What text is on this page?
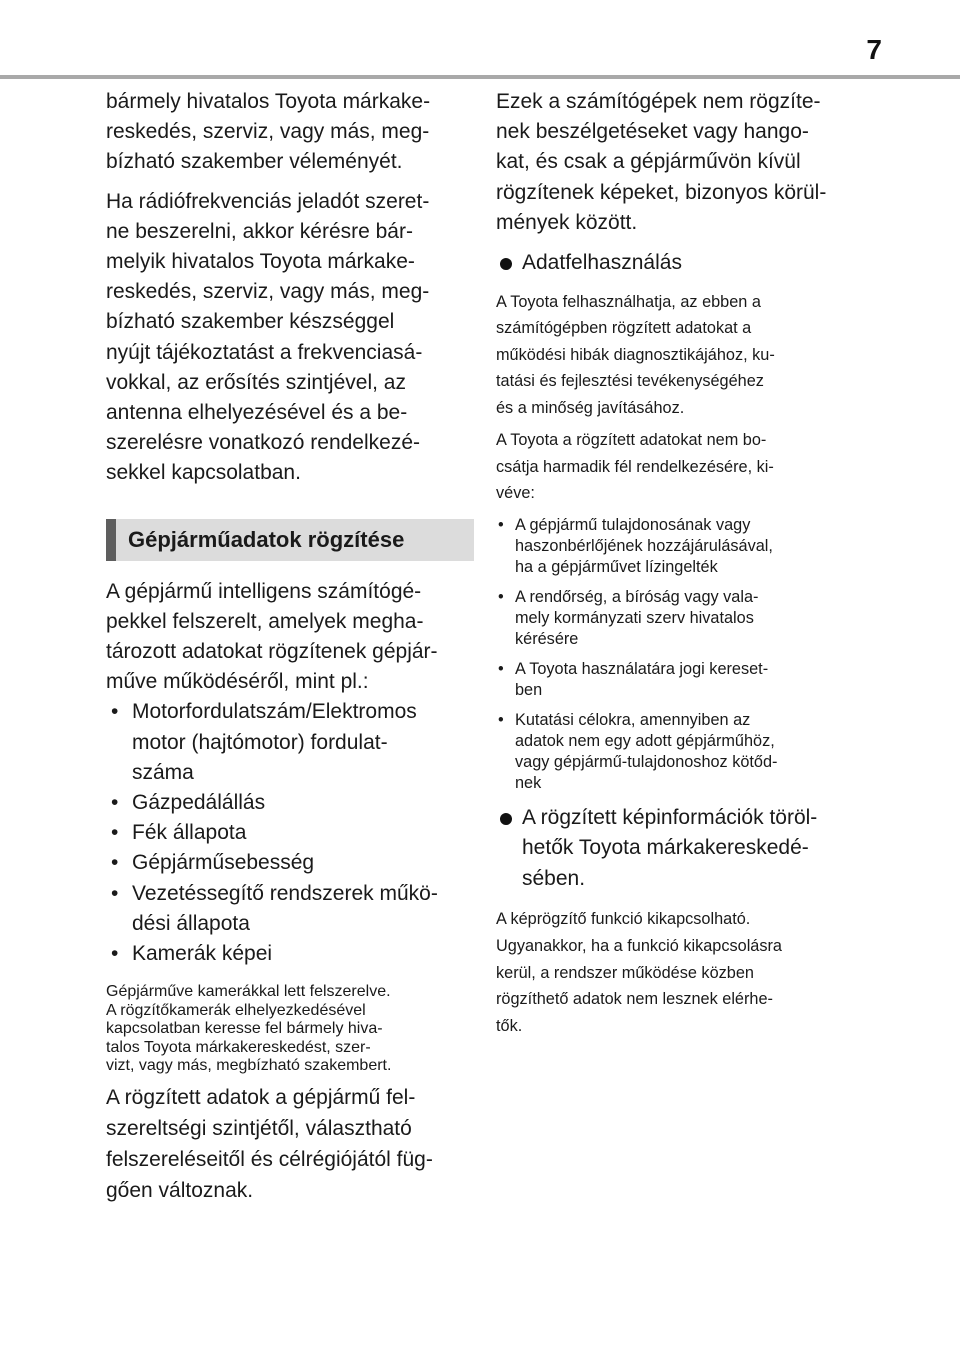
7

bármely hivatalos Toyota márkake-
reskedés, szerviz, vagy más, meg-
bízható szakember véleményét.

Ha rádiófrekvenciás jeladót szeret-
ne beszerelni, akkor kérésre bár-
melyik hivatalos Toyota márkake-
reskedés, szerviz, vagy más, meg-
bízható szakember készséggel
nyújt tájékoztatást a frekvenciasá-
vokkal, az erősítés szintjével, az
antenna elhelyezésével és a be-
szerelésre vonatkozó rendelkezé-
sekkel kapcsolatban.

Gépjárműadatok rögzítése

A gépjármű intelligens számítógé-
pekkel felszerelt, amelyek megha-
tározott adatokat rögzítenek gépjár-
műve működéséről, mint pl.:

• Motorfordulatszám/Elektromos
motor (hajtómotor) fordulat-
száma

• Gázpedálállás

• Fék állapota

• Gépjárműsebesség

• Vezetéssegítő rendszerek műkö-
dési állapota

• Kamerák képei

Gépjárműve kamerákkal lett felszerelve.
A rögzítőkamerák elhelyezkedésével
kapcsolatban keresse fel bármely hiva-
talos Toyota márkakereskedést, szer-
vizt, vagy más, megbízható szakembert.

A rögzített adatok a gépjármű fel-
szereltségi szintjétől, választható
felszereléseitől és célrégiójától füg-
gően változnak.

Ezek a számítógépek nem rögzíte-
nek beszélgetéseket vagy hango-
kat, és csak a gépjárművön kívül
rögzítenek képeket, bizonyos körül-
mények között.

Adatfelhasználás

A Toyota felhasználhatja, az ebben a
számítógépben rögzített adatokat a
működési hibák diagnosztikájához, ku-
tatási és fejlesztési tevékenységéhez
és a minőség javításához.

A Toyota a rögzített adatokat nem bo-
csátja harmadik fél rendelkezésére, ki-
véve:

• A gépjármű tulajdonosának vagy
haszonbérlőjének hozzájárulásával,
ha a gépjárművet lízingelték

• A rendőrség, a bíróság vagy vala-
mely kormányzati szerv hivatalos
kérésére

• A Toyota használatára jogi kereset-
ben

• Kutatási célokra, amennyiben az
adatok nem egy adott gépjárműhöz,
vagy gépjármű-tulajdonoshoz kötőd-
nek

A rögzített képinformációk töröl-
hetők Toyota márkakereskedé-
sében.

A képrögzítő funkció kikapcsolható.
Ugyanakkor, ha a funkció kikapcsolásra
kerül, a rendszer működése közben
rögzíthető adatok nem lesznek elérhe-
tők.
